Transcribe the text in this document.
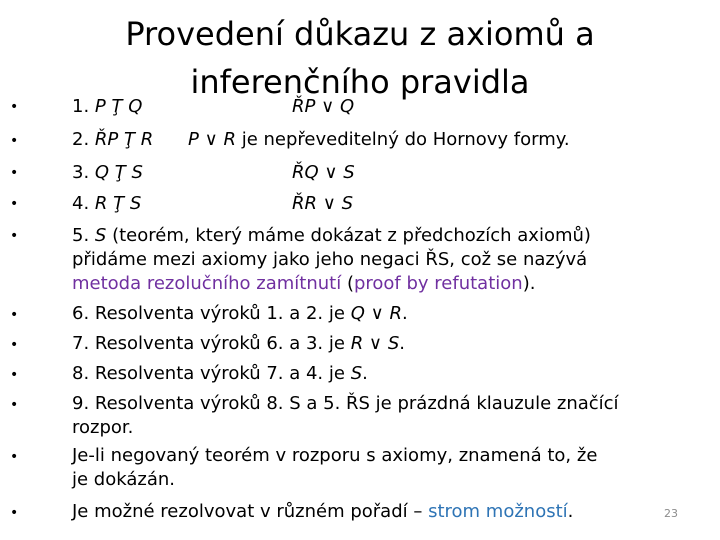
Provedení důkazu z axiomů a inferenčního pravidla
•
•
•
•
•
•
•
•
•
•
•
1. P Ţ Q	ŘP ∨ Q
2. ŘP Ţ R P ∨ R je nepřeveditelný do Hornovy formy.
3. Q Ţ S	ŘQ ∨ S
4. R Ţ S	ŘR ∨ S
5. S (teorém, který máme dokázat z předchozích axiomů)
přidáme mezi axiomy jako jeho negaci ŘS, což se nazývá
metoda rezolučního zamítnutí (proof by refutation).
6. Resolventa výroků 1. a 2. je Q ∨ R.
7. Resolventa výroků 6. a 3. je R ∨ S.
8. Resolventa výroků 7. a 4. je S.
9. Resolventa výroků 8. S a 5. ŘS je prázdná klauzule značící
rozpor.
Je-li negovaný teorém v rozporu s axiomy, znamená to, že
je dokázán.
Je možné rezolvovat v různém pořadí – strom možností.	23
